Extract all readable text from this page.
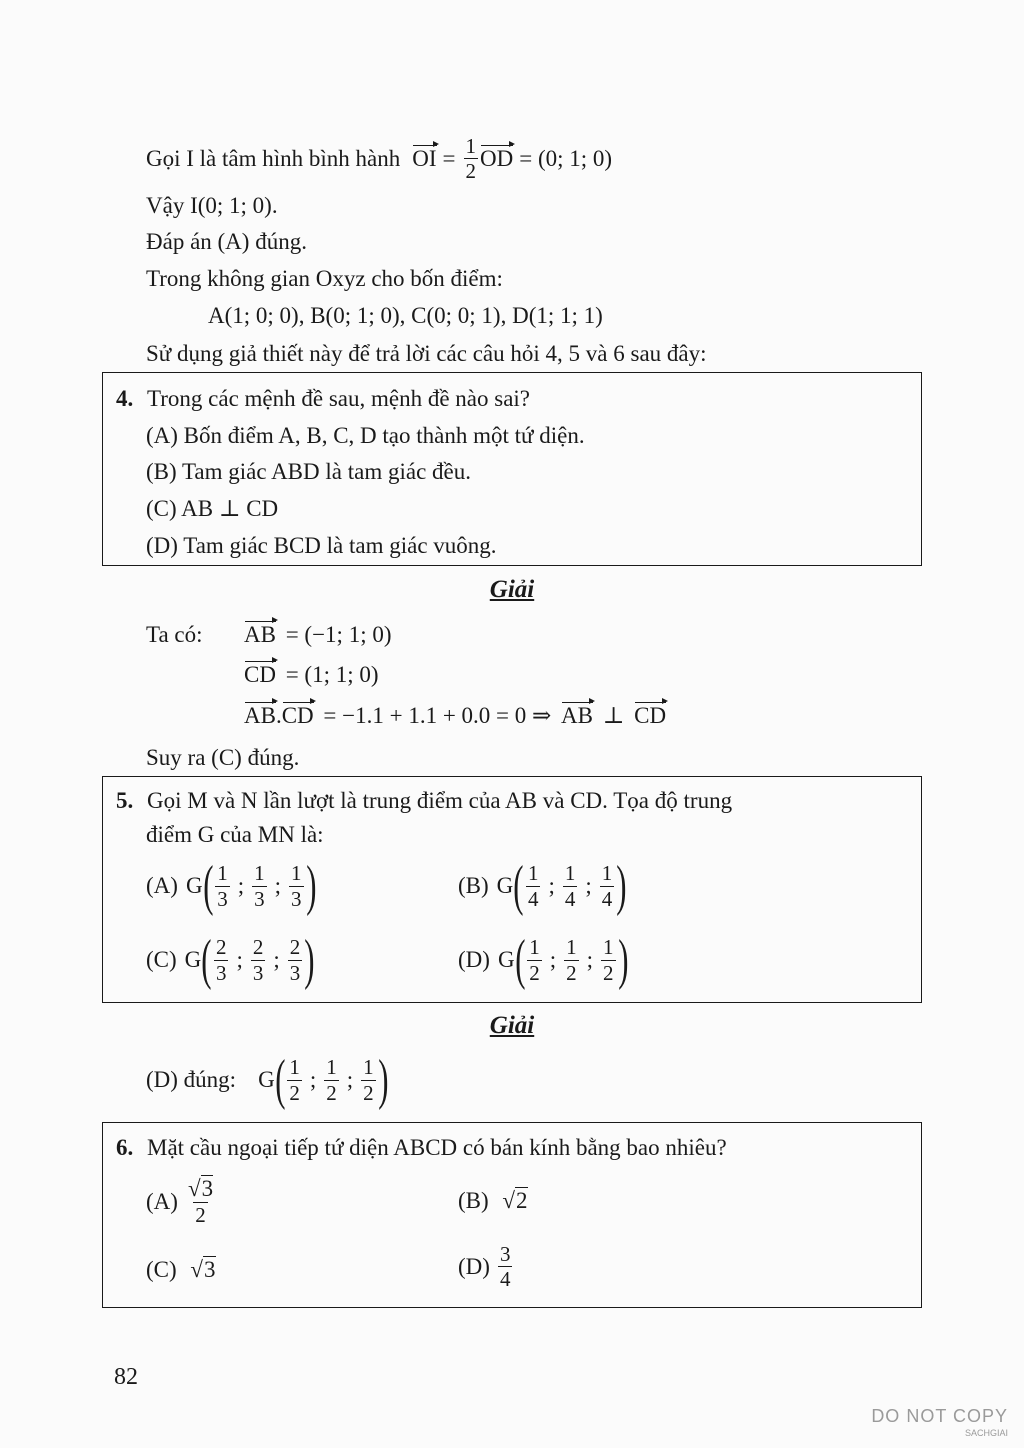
Gọi I là tâm hình bình hành OI = $\frac{1}{2}$ OD = (0; 1; 0)
Vậy I(0; 1; 0).
Đáp án (A) đúng.
Trong không gian Oxyz cho bốn điểm:
A(1; 0; 0), B(0; 1; 0), C(0; 0; 1), D(1; 1; 1)
Sử dụng giả thiết này để trả lời các câu hỏi 4, 5 và 6 sau đây:
4. Trong các mệnh đề sau, mệnh đề nào sai?
(A) Bốn điểm A, B, C, D tạo thành một tứ diện.
(B) Tam giác ABD là tam giác đều.
(C) AB ⊥ CD
(D) Tam giác BCD là tam giác vuông.
Giải
Ta có: AB = (−1; 1; 0)
CD = (1; 1; 0)
AB.CD = −1.1 + 1.1 + 0.0 = 0 ⇒ AB ⊥ CD
Suy ra (C) đúng.
5. Gọi M và N lần lượt là trung điểm của AB và CD. Tọa độ trung
điểm G của MN là:
(A) G ( $\frac{1}{3}$ ; $\frac{1}{3}$ ; $\frac{1}{3}$ )	(B) G ( $\frac{1}{4}$ ; $\frac{1}{4}$ ; $\frac{1}{4}$ )
(C) G ( $\frac{2}{3}$ ; $\frac{2}{3}$ ; $\frac{2}{3}$ )	(D) G ( $\frac{1}{2}$ ; $\frac{1}{2}$ ; $\frac{1}{2}$ )
Giải
(D) đúng: G ( $\frac{1}{2}$ ; $\frac{1}{2}$ ; $\frac{1}{2}$ )
6. Mặt cầu ngoại tiếp tứ diện ABCD có bán kính bằng bao nhiêu?
$(A) \frac{√3}{2}$	(B) √2
(C) √3	$(D) \frac{3}{4}$
82
DO NOT COPY
SACHGIAI
